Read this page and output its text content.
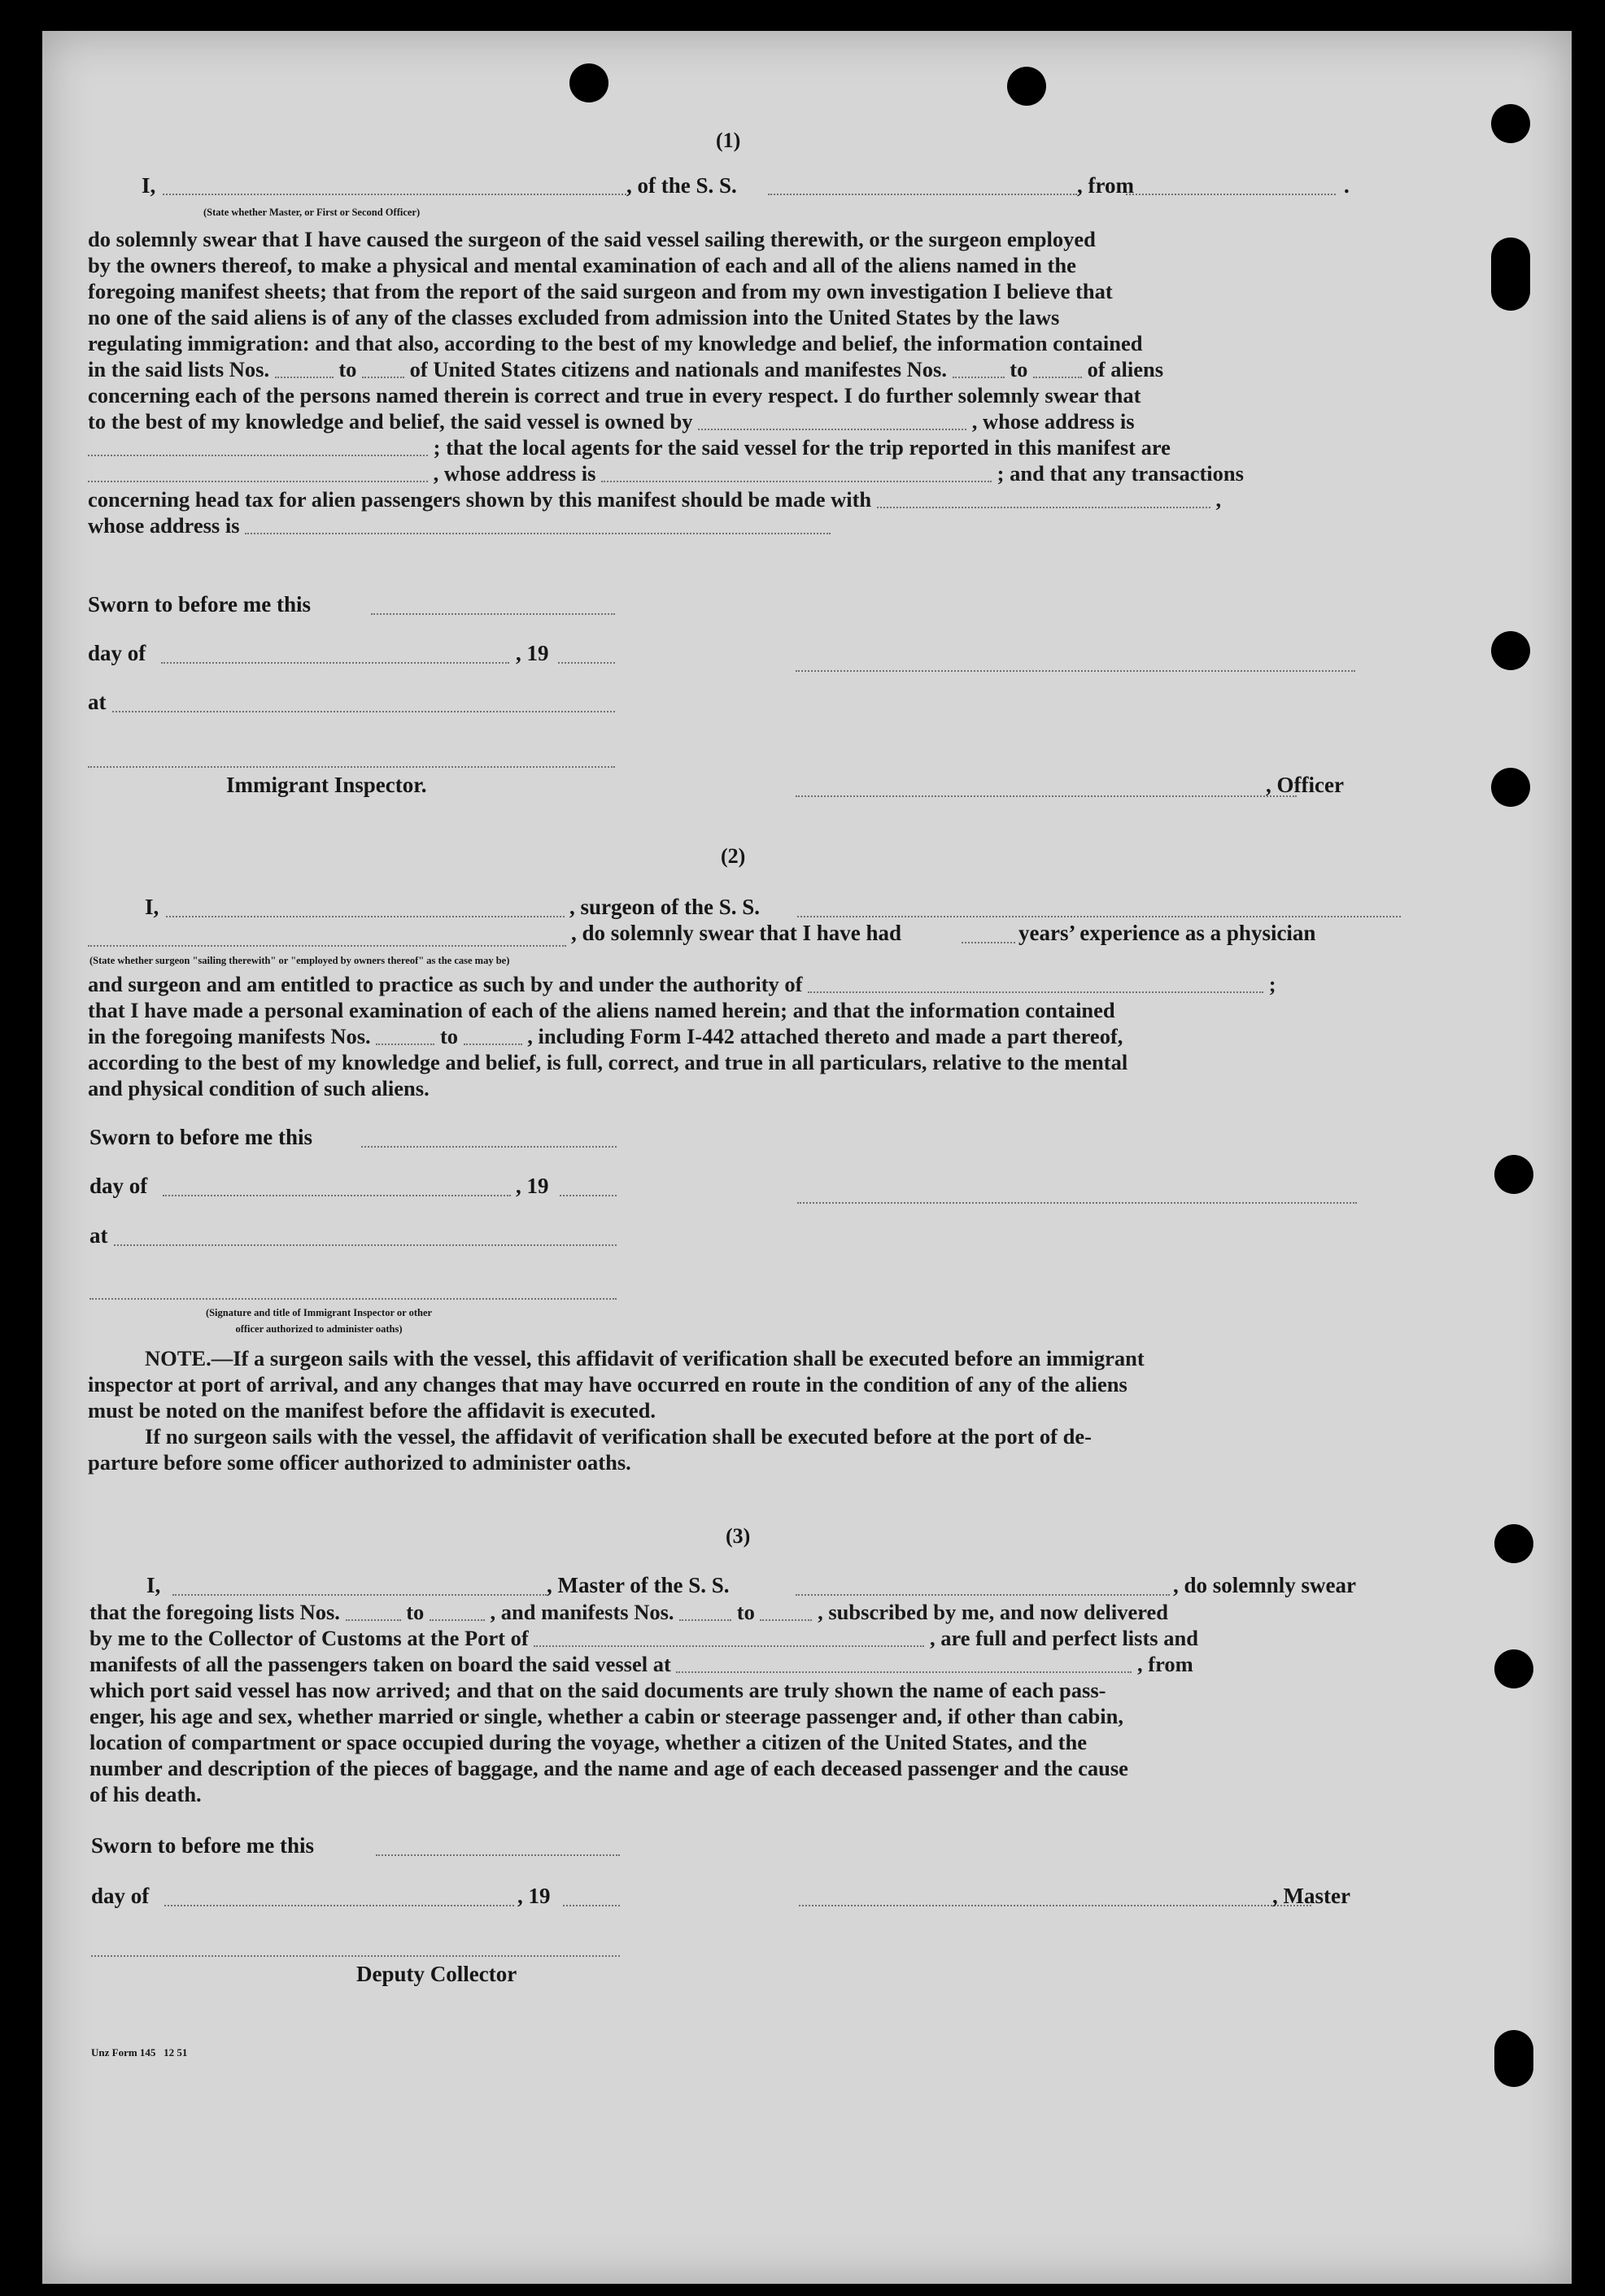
(1)
I,	, of the S. S.	, from	.
(State whether Master, or First or Second Officer)

do solemnly swear that I have caused the surgeon of the said vessel sailing therewith, or the surgeon employed

by the owners thereof, to make a physical and mental examination of each and all of the aliens named in the

foregoing manifest sheets; that from the report of the said surgeon and from my own investigation I believe that

no one of the said aliens is of any of the classes excluded from admission into the United States by the laws

regulating immigration: and that also, according to the best of my knowledge and belief, the information contained

in the said lists Nos.	to of United States citizens and nationals and manifestes Nos.	to	of aliens

concerning each of the persons named therein is correct and true in every respect. I do further solemnly swear that

to the best of my knowledge and belief, the said vessel is owned by	, whose address is

; that the local agents for the said vessel for the trip reported in this manifest are

, whose address is	; and that any transactions

concerning head tax for alien passengers shown by this manifest should be made with	,

whose address is

Sworn to before me this
day of	, 19
at
Immigrant Inspector.	, Officer
(2)
I,	, surgeon of the S. S.
, do solemnly swear that I have had	years’ experience as a physician
(State whether surgeon "sailing therewith" or "employed by owners thereof" as the case may be)

and surgeon and am entitled to practice as such by and under the authority of	;

that I have made a personal examination of each of the aliens named herein; and that the information contained

in the foregoing manifests Nos.	to	, including Form I-442 attached thereto and made a part thereof,

according to the best of my knowledge and belief, is full, correct, and true in all particulars, relative to the mental

and physical condition of such aliens.

Sworn to before me this
day of	, 19
at
(Signature and title of Immigrant Inspector or other
officer authorized to administer oaths)

NOTE.—If a surgeon sails with the vessel, this affidavit of verification shall be executed before an immigrant

inspector at port of arrival, and any changes that may have occurred en route in the condition of any of the aliens

must be noted on the manifest before the affidavit is executed.

If no surgeon sails with the vessel, the affidavit of verification shall be executed before at the port of de-

parture before some officer authorized to administer oaths.

(3)
I,	, Master of the S. S.	, do solemnly swear

that the foregoing lists Nos.	to	, and manifests Nos.	to	, subscribed by me, and now delivered

by me to the Collector of Customs at the Port of	, are full and perfect lists and

manifests of all the passengers taken on board the said vessel at	, from

which port said vessel has now arrived; and that on the said documents are truly shown the name of each pass-

enger, his age and sex, whether married or single, whether a cabin or steerage passenger and, if other than cabin,

location of compartment or space occupied during the voyage, whether a citizen of the United States, and the

number and description of the pieces of baggage, and the name and age of each deceased passenger and the cause

of his death.

Sworn to before me this
day of	, 19	, Master
Deputy Collector
Unz Form 145   12 51
